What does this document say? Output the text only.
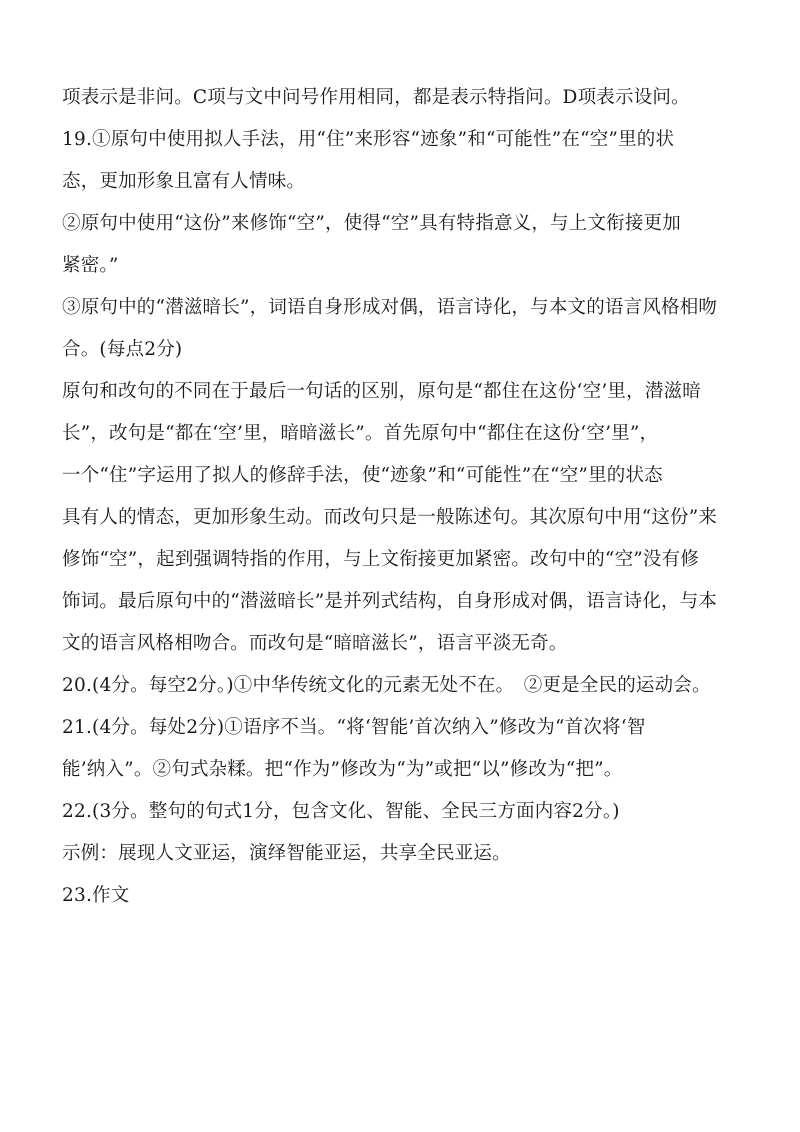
项表示是非问。C项与文中问号作用相同，都是表示特指问。D项表示设问。
19.①原句中使用拟人手法，用“住”来形容“迹象”和“可能性”在“空”里的状
态，更加形象且富有人情味。
②原句中使用“这份”来修饰“空”，使得“空”具有特指意义，与上文衔接更加
紧密。”
③原句中的“潜滋暗长”，词语自身形成对偶，语言诗化，与本文的语言风格相吻
合。(每点2分)
原句和改句的不同在于最后一句话的区别，原句是“都住在这份‘空’里，潜滋暗
长”，改句是“都在‘空’里，暗暗滋长”。首先原句中“都住在这份‘空’里”，
一个“住”字运用了拟人的修辞手法，使“迹象”和“可能性”在“空”里的状态
具有人的情态，更加形象生动。而改句只是一般陈述句。其次原句中用“这份”来
修饰“空”，起到强调特指的作用，与上文衔接更加紧密。改句中的“空”没有修
饰词。最后原句中的“潜滋暗长”是并列式结构，自身形成对偶，语言诗化，与本
文的语言风格相吻合。而改句是“暗暗滋长”，语言平淡无奇。
20.(4分。每空2分。)①中华传统文化的元素无处不在。　②更是全民的运动会。
21.(4分。每处2分)①语序不当。“将‘智能’首次纳入”修改为“首次将‘智
能’纳入”。②句式杂糅。把“作为”修改为“为”或把“以”修改为“把”。
22.(3分。整句的句式1分，包含文化、智能、全民三方面内容2分。)
示例：展现人文亚运，演绎智能亚运，共享全民亚运。
23.作文
